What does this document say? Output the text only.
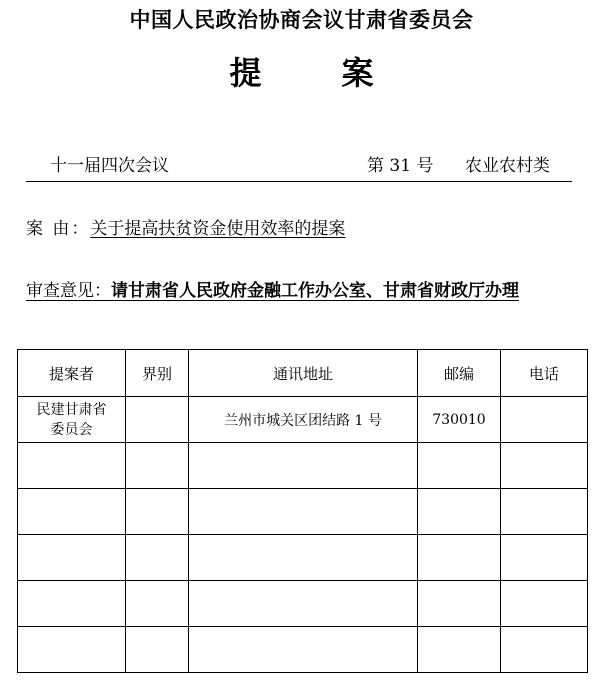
中国人民政治协商会议甘肃省委员会
提案
十一届四次会议	第 31 号 农业农村类
案 由：关于提高扶贫资金使用效率的提案
审查意见：请甘肃省人民政府金融工作办公室、甘肃省财政厅办理
提案者	界别	通讯地址	邮编	电话
民建甘肃省委员会		兰州市城关区团结路 1 号	730010	
